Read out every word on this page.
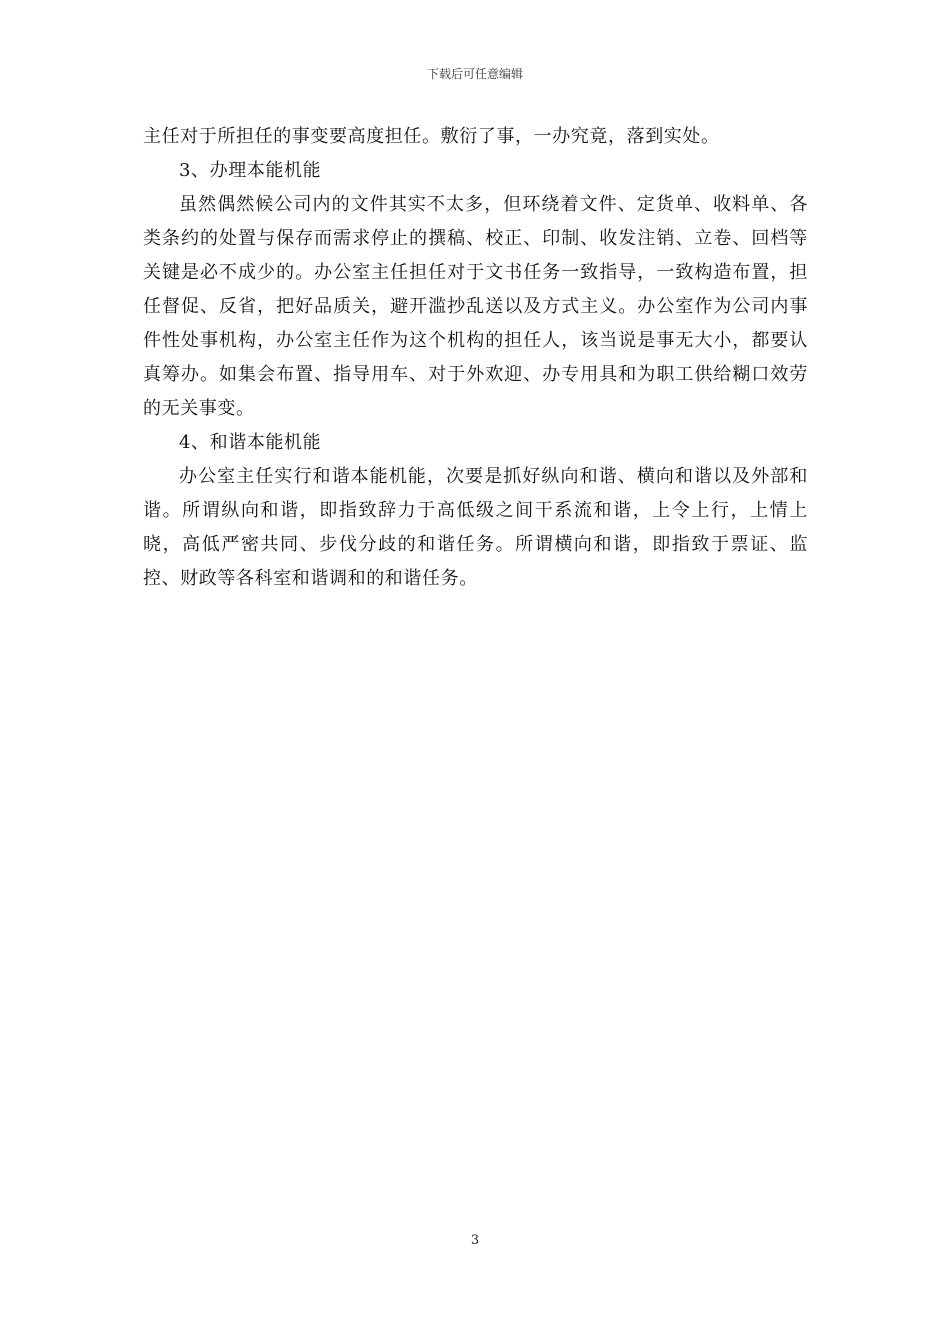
下载后可任意编辑

主任对于所担任的事变要高度担任。敷衍了事，一办究竟，落到实处。

3、办理本能机能

虽然偶然候公司内的文件其实不太多，但环绕着文件、定货单、收料单、各类条约的处置与保存而需求停止的撰稿、校正、印制、收发注销、立卷、回档等关键是必不成少的。办公室主任担任对于文书任务一致指导，一致构造布置，担任督促、反省，把好品质关，避开滥抄乱送以及方式主义。办公室作为公司内事件性处事机构，办公室主任作为这个机构的担任人，该当说是事无大小，都要认真筹办。如集会布置、指导用车、对于外欢迎、办专用具和为职工供给糊口效劳的无关事变。

4、和谐本能机能

办公室主任实行和谐本能机能，次要是抓好纵向和谐、横向和谐以及外部和谐。所谓纵向和谐，即指致辞力于高低级之间干系流和谐，上令上行，上情上晓，高低严密共同、步伐分歧的和谐任务。所谓横向和谐，即指致于票证、监控、财政等各科室和谐调和的和谐任务。

3
